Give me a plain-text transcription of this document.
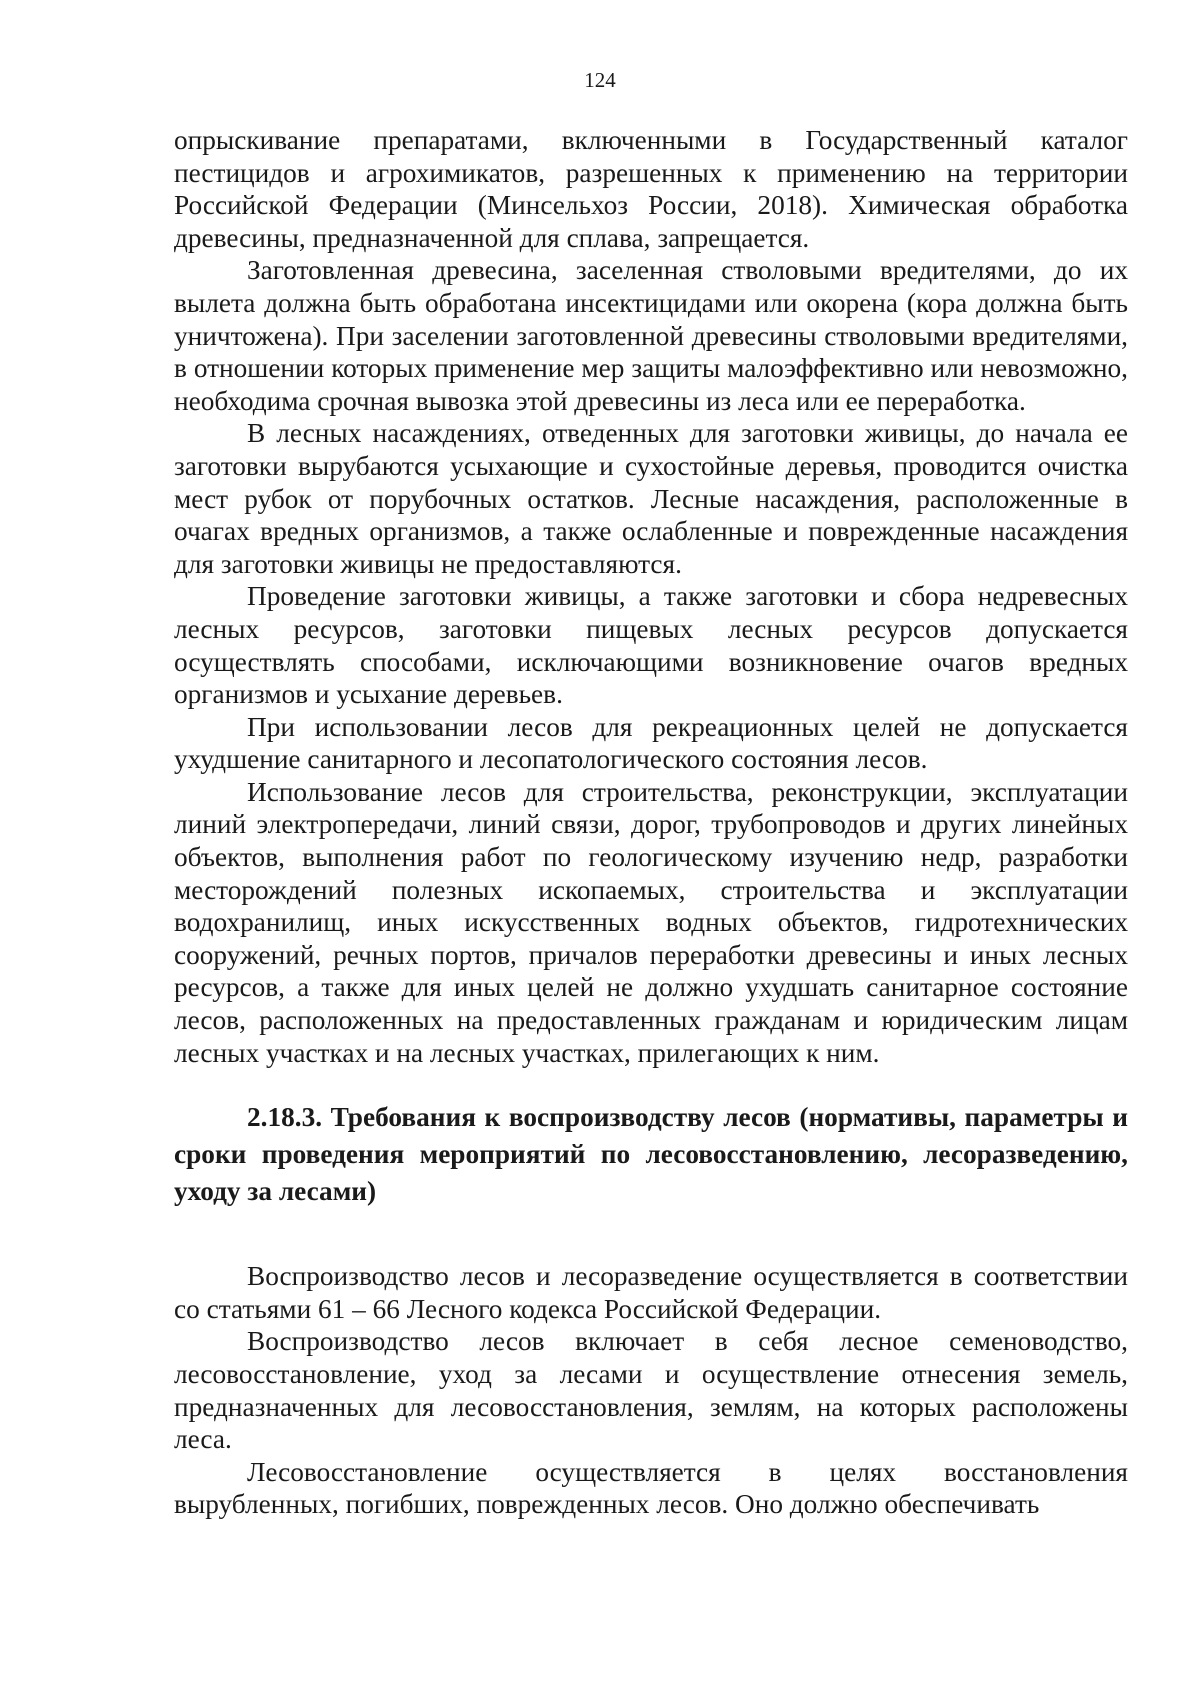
124

опрыскивание препаратами, включенными в Государственный каталог пестицидов и агрохимикатов, разрешенных к применению на территории Российской Федерации (Минсельхоз России, 2018). Химическая обработка древесины, предназначенной для сплава, запрещается.

Заготовленная древесина, заселенная стволовыми вредителями, до их вылета должна быть обработана инсектицидами или окорена (кора должна быть уничтожена). При заселении заготовленной древесины стволовыми вредителями, в отношении которых применение мер защиты малоэффективно или невозможно, необходима срочная вывозка этой древесины из леса или ее переработка.

В лесных насаждениях, отведенных для заготовки живицы, до начала ее заготовки вырубаются усыхающие и сухостойные деревья, проводится очистка мест рубок от порубочных остатков. Лесные насаждения, расположенные в очагах вредных организмов, а также ослабленные и поврежденные насаждения для заготовки живицы не предоставляются.

Проведение заготовки живицы, а также заготовки и сбора недревесных лесных ресурсов, заготовки пищевых лесных ресурсов допускается осуществлять способами, исключающими возникновение очагов вредных организмов и усыхание деревьев.

При использовании лесов для рекреационных целей не допускается ухудшение санитарного и лесопатологического состояния лесов.

Использование лесов для строительства, реконструкции, эксплуатации линий электропередачи, линий связи, дорог, трубопроводов и других линейных объектов, выполнения работ по геологическому изучению недр, разработки месторождений полезных ископаемых, строительства и эксплуатации водохранилищ, иных искусственных водных объектов, гидротехнических сооружений, речных портов, причалов переработки древесины и иных лесных ресурсов, а также для иных целей не должно ухудшать санитарное состояние лесов, расположенных на предоставленных гражданам и юридическим лицам лесных участках и на лесных участках, прилегающих к ним.

2.18.3. Требования к воспроизводству лесов (нормативы, параметры и сроки проведения мероприятий по лесовосстановлению, лесоразведению, уходу за лесами)

Воспроизводство лесов и лесоразведение осуществляется в соответствии со статьями 61 – 66 Лесного кодекса Российской Федерации.

Воспроизводство лесов включает в себя лесное семеноводство, лесовосстановление, уход за лесами и осуществление отнесения земель, предназначенных для лесовосстановления, землям, на которых расположены леса.

Лесовосстановление осуществляется в целях восстановления вырубленных, погибших, поврежденных лесов. Оно должно обеспечивать
